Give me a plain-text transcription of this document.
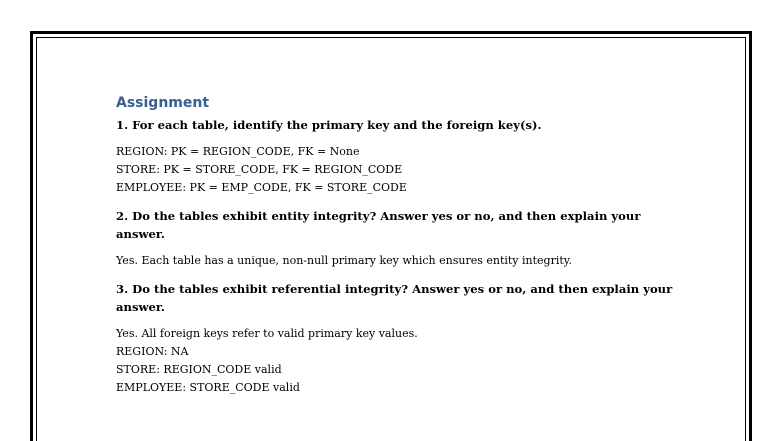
Assignment

1. For each table, identify the primary key and the foreign key(s).

REGION: PK = REGION_CODE, FK = None

STORE: PK = STORE_CODE, FK = REGION_CODE

EMPLOYEE: PK = EMP_CODE, FK = STORE_CODE

2. Do the tables exhibit entity integrity? Answer yes or no, and then explain your

answer.

Yes. Each table has a unique, non-null primary key which ensures entity integrity.

3. Do the tables exhibit referential integrity? Answer yes or no, and then explain your

answer.

Yes. All foreign keys refer to valid primary key values.

REGION: NA

STORE: REGION_CODE valid

EMPLOYEE: STORE_CODE valid
